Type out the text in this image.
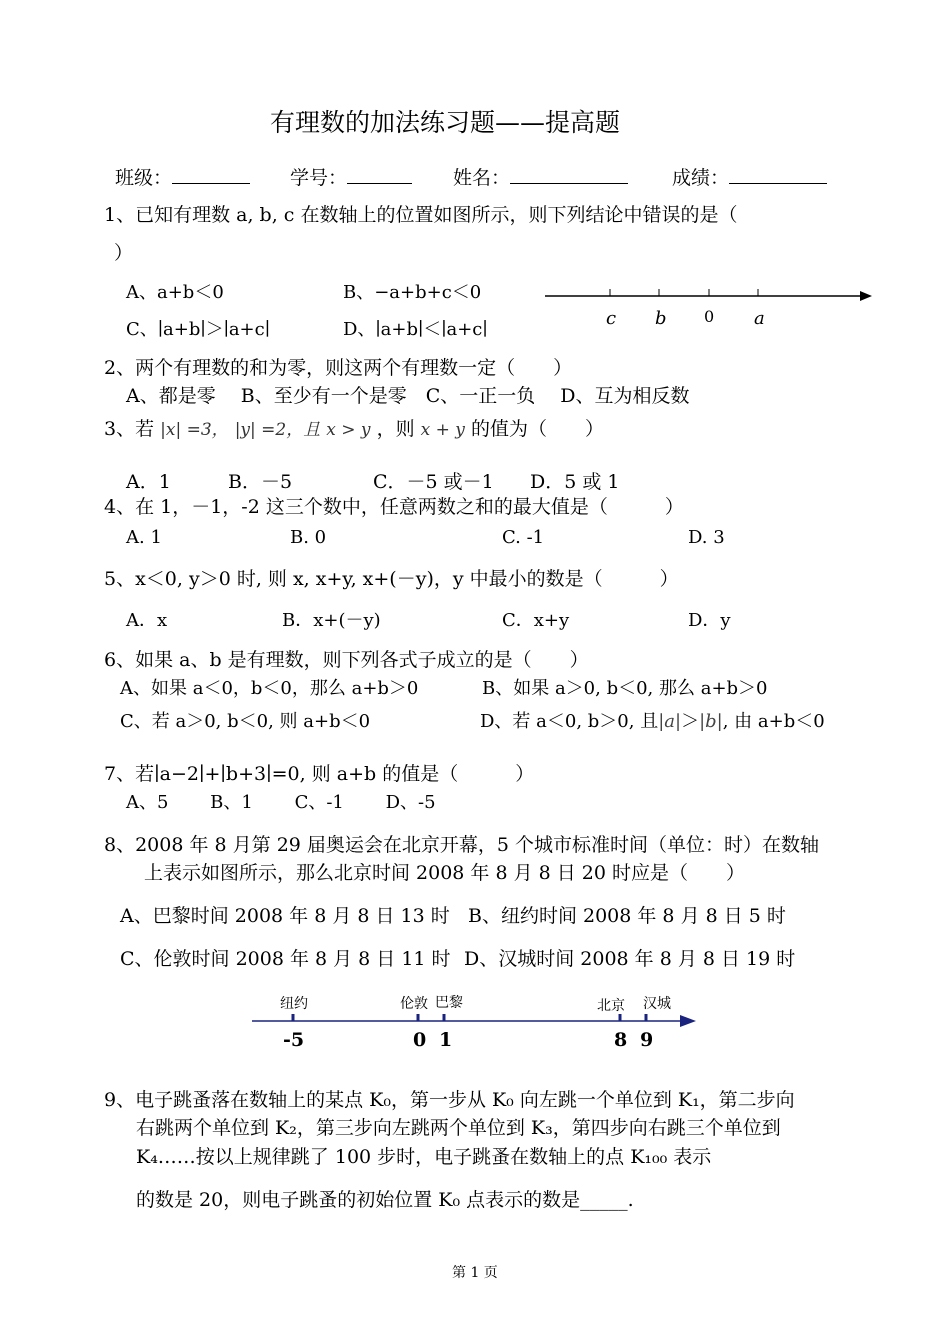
有理数的加法练习题——提高题
班级：	学号：	姓名：	成绩：
1、已知有理数 a, b, c 在数轴上的位置如图所示，则下列结论中错误的是（
）
A、a+b＜0	B、−a+b+c＜0
C、∣a+b∣＞∣a+c∣	D、∣a+b∣＜∣a+c∣
c b 0 a
2、两个有理数的和为零，则这两个有理数一定（　　）
A、都是零　 B、至少有一个是零　C、一正一负　 D、互为相反数
3、若 |x| =3， |y| =2，且 x > y ，则 x + y 的值为（　　）
A．1	B．－5	C．－5 或－1 D．5 或 1
4、在 1，－1，-2 这三个数中，任意两数之和的最大值是（　　　）
A. 1	B. 0	C. -1	D. 3
5、x＜0, y＞0 时, 则 x, x+y, x+(－y)，y 中最小的数是（　　　）
A．x	B．x+(－y)	C．x+y	D．y
6、如果 a、b 是有理数，则下列各式子成立的是（　　）
A、如果 a＜0，b＜0，那么 a+b＞0	B、如果 a＞0, b＜0, 那么 a+b＞0
C、若 a＞0, b＜0, 则 a+b＜0	D、若 a＜0, b＞0, 且|a|＞|b|, 由 a+b＜0
7、若∣a−2∣+∣b+3∣=0, 则 a+b 的值是（　　　）
A、5　　 B、1　　 C、-1　　 D、-5
8、2008 年 8 月第 29 届奥运会在北京开幕，5 个城市标准时间（单位：时）在数轴
上表示如图所示，那么北京时间 2008 年 8 月 8 日 20 时应是（　　）
A、巴黎时间 2008 年 8 月 8 日 13 时 B、纽约时间 2008 年 8 月 8 日 5 时
C、伦敦时间 2008 年 8 月 8 日 11 时 D、汉城时间 2008 年 8 月 8 日 19 时
纽约	伦敦 巴黎	北京 汉城
-5	0 1	8 9
9、电子跳蚤落在数轴上的某点 K₀，第一步从 K₀ 向左跳一个单位到 K₁，第二步向
右跳两个单位到 K₂，第三步向左跳两个单位到 K₃，第四步向右跳三个单位到
K₄……按以上规律跳了 100 步时，电子跳蚤在数轴上的点 K₁₀₀ 表示
的数是 20，则电子跳蚤的初始位置 K₀ 点表示的数是_____.
第 1 页
